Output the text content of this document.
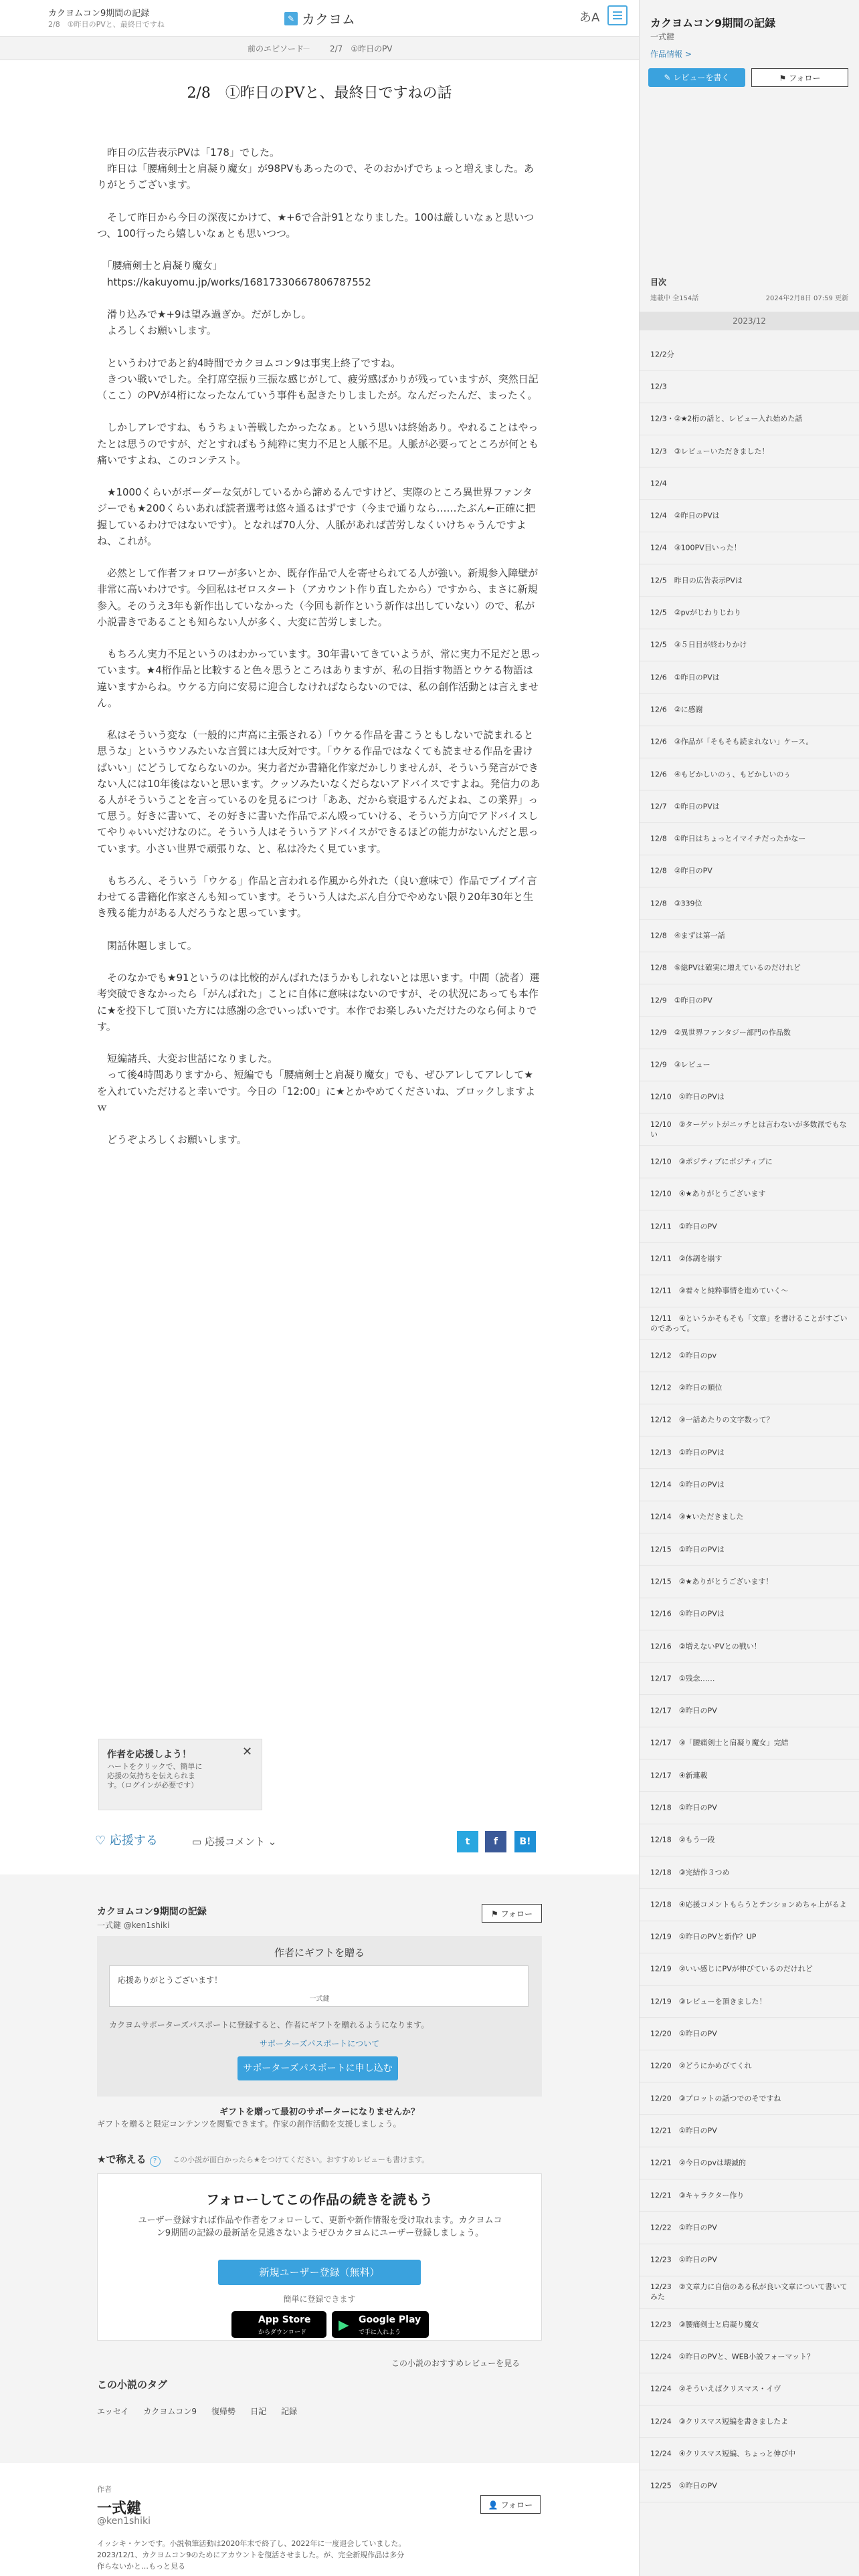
カクヨムコン9期間の記録
2/8　①昨日のPVと、最終日ですね
✎ カクヨム	あA
前のエピソード
－ 2/7　①昨日のPV
2/8　①昨日のPVと、最終日ですねの話

　昨日の広告表示PVは「178」でした。
　昨日は「腰痛剣士と肩凝り魔女」が98PVもあったので、そのおかげでちょっと増えました。ありがとうございます。

　そして昨日から今日の深夜にかけて、★+6で合計91となりました。100は厳しいなぁと思いつつ、100行ったら嬉しいなぁとも思いつつ。

　「腰痛剣士と肩凝り魔女」
　https://kakuyomu.jp/works/16817330667806787552

　滑り込みで★+9は望み過ぎか。だがしかし。
　よろしくお願いします。

　というわけであと約4時間でカクヨムコン9は事実上終了ですね。
　きつい戦いでした。全打席空振り三振な感じがして、疲労感ばかりが残っていますが、突然日記（ここ）のPVが4桁になったなんていう事件も起きたりしましたが。なんだったんだ、まったく。

　しかしアレですね、もうちょい善戦したかったなぁ。という思いは終始あり。やれることはやったとは思うのですが、だとすればもう純粋に実力不足と人脈不足。人脈が必要ってところが何とも痛いですよね、このコンテスト。

　★1000くらいがボーダーな気がしているから諦めるんですけど、実際のところ異世界ファンタジーでも★200くらいあれば読者選考は悠々通るはずです（今まで通りなら……たぶん←正確に把握しているわけではないです）。となれば70人分、人脈があれば苦労しなくいけちゃうんですよね、これが。

　必然として作者フォロワーが多いとか、既存作品で人を寄せられてる人が強い。新規参入障壁が非常に高いわけです。今回私はゼロスタート（アカウント作り直したから）ですから、まさに新規参入。そのうえ3年も新作出していなかった（今回も新作という新作は出していない）ので、私が小説書きであることも知らない人が多く、大変に苦労しました。

　もちろん実力不足というのはわかっています。30年書いてきていようが、常に実力不足だと思っています。★4桁作品と比較すると色々思うところはありますが、私の目指す物語とウケる物語は違いますからね。ウケる方向に安易に迎合しなければならないのでは、私の創作活動とは言えません。

　私はそういう変な（一般的に声高に主張される）「ウケる作品を書こうともしないで読まれると思うな」というウソみたいな言質には大反対です。「ウケる作品ではなくても読ませる作品を書けばいい」にどうしてならないのか。実力者だか書籍化作家だかしりませんが、そういう発言ができない人には10年後はないと思います。クッソみたいなくだらないアドバイスですよね。発信力のある人がそういうことを言っているのを見るにつけ「ああ、だから衰退するんだよね、この業界」って思う。好きに書いて、その好きに書いた作品でぶん殴っていける、そういう方向でアドバイスしてやりゃいいだけなのに。そういう人はそういうアドバイスができるほどの能力がないんだと思っています。小さい世界で頑張りな、と、私は冷たく見ています。

　もちろん、そういう「ウケる」作品と言われる作風から外れた（良い意味で）作品でブイブイ言わせてる書籍化作家さんも知っています。そういう人はたぶん自分でやめない限り20年30年と生き残る能力がある人だろうなと思っています。

　閑話休題しまして。

　そのなかでも★91というのは比較的がんばれたほうかもしれないとは思います。中間（読者）選考突破できなかったら「がんばれた」ことに自体に意味はないのですが、その状況にあっても本作に★を投下して頂いた方には感謝の念でいっぱいです。本作でお楽しみいただけたのなら何よりです。

　短編諸兵、大変お世話になりました。
　って後4時間ありますから、短編でも「腰痛剣士と肩凝り魔女」でも、ぜひアレしてアレして★を入れていただけると幸いです。今日の「12:00」に★とかやめてくださいね、ブロックしますよｗ

　どうぞよろしくお願いします。

作者を応援しよう！
ハートをクリックで、簡単に応援の気持ちを伝えられます。（ログインが必要です）
✕
♡ 応援する	▭ 応援コメント ⌄	t	f	B!
カクヨムコン9期間の記録
一式鍵 @ken1shiki
⚑ フォロー
作者にギフトを贈る
応援ありがとうございます！
一式鍵
カクヨムサポーターズパスポートに登録すると、作者にギフトを贈れるようになります。
サポーターズパスポートについて
サポーターズパスポートに申し込む
ギフトを贈って最初のサポーターになりませんか？
ギフトを贈ると限定コンテンツを閲覧できます。作家の創作活動を支援しましょう。
★で称える ?	この小説が面白かったら★をつけてください。おすすめレビューも書けます。
フォローしてこの作品の続きを読もう
ユーザー登録すれば作品や作者をフォローして、更新や新作情報を受け取れます。カクヨムコン9期間の記録の最新話を見逃さないようぜひカクヨムにユーザー登録しましょう。
新規ユーザー登録（無料）
簡単に登録できます
App Store
からダウンロード ▶ Google Play
で手に入れよう
この小説のおすすめレビューを見る
この小説のタグ
エッセイ カクヨムコン9 復帰勢 日記 記録
作者
一式鍵
@ken1shiki
👤 フォロー
イッシキ・ケンです。小説執筆活動は2020年末で終了し、2022年に一度退会していました。2023/12/1、カクヨムコン9のためにアカウントを復活させました。が、完全新規作品は多分作らないかと…もっと見る
カクヨムコン9期間の記録
一式鍵
作品情報 >
✎ レビューを書く	⚑ フォロー
目次
連載中 全154話	2024年2月8日 07:59 更新
2023/12
12/2分
12/3
12/3・②★2桁の話と、レビュー入れ始めた話
12/3　③レビューいただきました！
12/4
12/4　②昨日のPVは
12/4　③100PV目いった！
12/5　昨日の広告表示PVは
12/5　②pvがじわりじわり
12/5　③５日目が終わりかけ
12/6　①昨日のPVは
12/6　②に感謝
12/6　③作品が「そもそも読まれない」ケース。
12/6　④もどかしいのぅ、もどかしいのぅ
12/7　①昨日のPVは
12/8　①昨日はちょっとイマイチだったかなー
12/8　②昨日のPV
12/8　③339位
12/8　④まずは第一話
12/8　⑤総PVは確実に増えているのだけれど
12/9　①昨日のPV
12/9　②異世界ファンタジー部門の作品数
12/9　③レビュー
12/10　①昨日のPVは
12/10　②ターゲットがニッチとは言わないが多数派でもない
12/10　③ポジティブにポジティブに
12/10　④★ありがとうございます
12/11　①昨日のPV
12/11　②体調を崩す
12/11　③着々と純粋事情を進めていく〜
12/11　④というかそもそも「文章」を書けることがすごいのであって。
12/12　①昨日のpv
12/12　②昨日の順位
12/12　③一話あたりの文字数って？
12/13　①昨日のPVは
12/14　①昨日のPVは
12/14　③★いただきました
12/15　①昨日のPVは
12/15　②★ありがとうございます！
12/16　①昨日のPVは
12/16　②増えないPVとの戦い！
12/17　①残念……
12/17　②昨日のPV
12/17　③「腰痛剣士と肩凝り魔女」完結
12/17　④新連載
12/18　①昨日のPV
12/18　②もう一段
12/18　③完結作３つめ
12/18　④応援コメントもらうとテンションめちゃ上がるよ
12/19　①昨日のPVと新作？UP
12/19　②いい感じにPVが伸びているのだけれど
12/19　③レビューを頂きました！
12/20　①昨日のPV
12/20　②どうにかめびてくれ
12/20　③プロットの話つでのそですね
12/21　①昨日のPV
12/21　②今日のpvは壊滅的
12/21　③キャラクター作り
12/22　①昨日のPV
12/23　①昨日のPV
12/23　②文章力に自信のある私が良い文章について書いてみた
12/23　③腰痛剣士と肩凝り魔女
12/24　①昨日のPVと、WEB小説フォーマット？
12/24　②そういえばクリスマス・イヴ
12/24　③クリスマス短編を書きましたよ
12/24　④クリスマス短編、ちょっと伸び中
12/25　①昨日のPV
